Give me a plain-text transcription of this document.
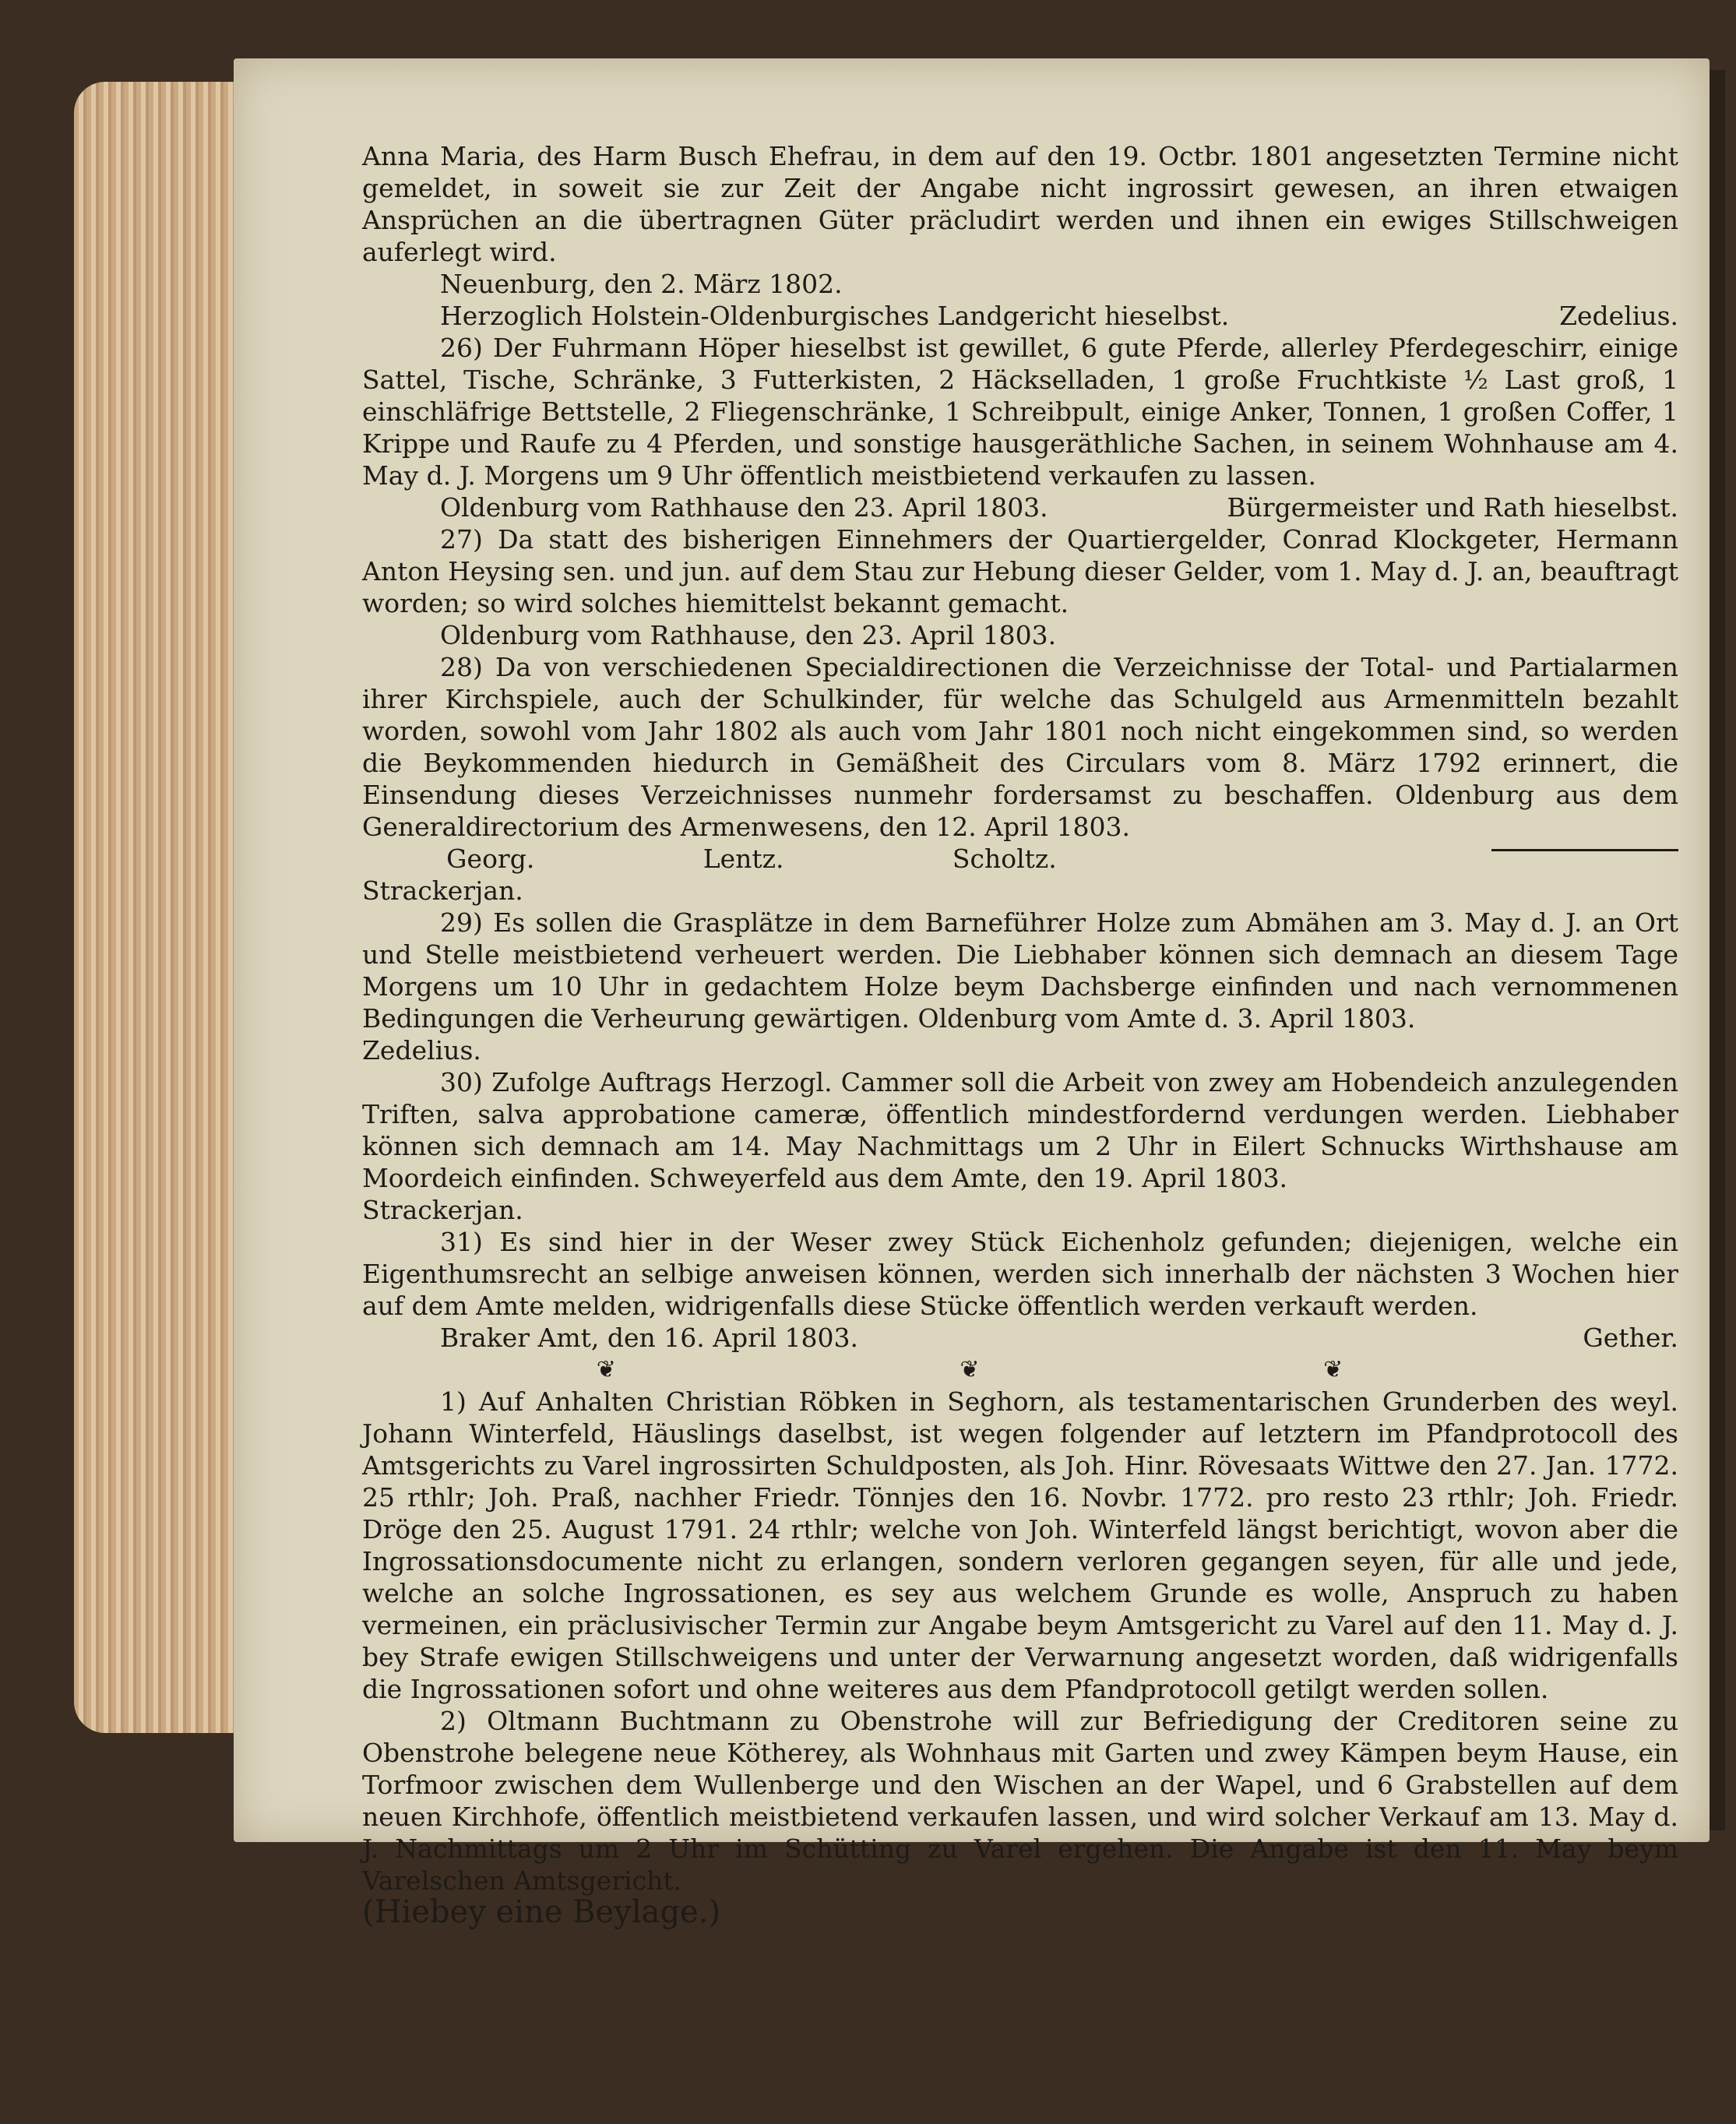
Anna Maria, des Harm Busch Ehefrau, in dem auf den 19. Octbr. 1801 angesetzten Termine nicht gemeldet, in soweit sie zur Zeit der Angabe nicht ingrossirt gewesen, an ihren etwaigen Ansprüchen an die übertragnen Güter präcludirt werden und ihnen ein ewiges Stillschweigen auferlegt wird.

Neuenburg, den 2. März 1802.

Herzoglich Holstein-Oldenburgisches Landgericht hieselbst.	Zedelius.

26) Der Fuhrmann Höper hieselbst ist gewillet, 6 gute Pferde, allerley Pferdegeschirr, einige Sattel, Tische, Schränke, 3 Futterkisten, 2 Häckselladen, 1 große Fruchtkiste ½ Last groß, 1 einschläfrige Bettstelle, 2 Fliegenschränke, 1 Schreibpult, einige Anker, Tonnen, 1 großen Coffer, 1 Krippe und Raufe zu 4 Pferden, und sonstige hausgeräthliche Sachen, in seinem Wohnhause am 4. May d. J. Morgens um 9 Uhr öffentlich meistbietend verkaufen zu lassen.

Oldenburg vom Rathhause den 23. April 1803.	Bürgermeister und Rath hieselbst.

27) Da statt des bisherigen Einnehmers der Quartiergelder, Conrad Klockgeter, Hermann Anton Heysing sen. und jun. auf dem Stau zur Hebung dieser Gelder, vom 1. May d. J. an, beauftragt worden; so wird solches hiemittelst bekannt gemacht.

Oldenburg vom Rathhause, den 23. April 1803.

28) Da von verschiedenen Specialdirectionen die Verzeichnisse der Total- und Partialarmen ihrer Kirchspiele, auch der Schulkinder, für welche das Schulgeld aus Armenmitteln bezahlt worden, sowohl vom Jahr 1802 als auch vom Jahr 1801 noch nicht eingekommen sind, so werden die Beykommenden hiedurch in Gemäßheit des Circulars vom 8. März 1792 erinnert, die Einsendung dieses Verzeichnisses nunmehr fordersamst zu beschaffen. Oldenburg aus dem Generaldirectorium des Armenwesens, den 12. April 1803.

Georg.	Lentz.	Scholtz.

Strackerjan.

29) Es sollen die Grasplätze in dem Barneführer Holze zum Abmähen am 3. May d. J. an Ort und Stelle meistbietend verheuert werden. Die Liebhaber können sich demnach an diesem Tage Morgens um 10 Uhr in gedachtem Holze beym Dachsberge einfinden und nach vernommenen Bedingungen die Verheurung gewärtigen. Oldenburg vom Amte d. 3. April 1803.

Zedelius.

30) Zufolge Auftrags Herzogl. Cammer soll die Arbeit von zwey am Hobendeich anzulegenden Triften, salva approbatione cameræ, öffentlich mindestfordernd verdungen werden. Liebhaber können sich demnach am 14. May Nachmittags um 2 Uhr in Eilert Schnucks Wirthshause am Moordeich einfinden. Schweyerfeld aus dem Amte, den 19. April 1803.

Strackerjan.

31) Es sind hier in der Weser zwey Stück Eichenholz gefunden; diejenigen, welche ein Eigenthumsrecht an selbige anweisen können, werden sich innerhalb der nächsten 3 Wochen hier auf dem Amte melden, widrigenfalls diese Stücke öffentlich werden verkauft werden.

Braker Amt, den 16. April 1803.	Gether.
❦	❦	❦

1) Auf Anhalten Christian Röbken in Seghorn, als testamentarischen Grunderben des weyl. Johann Winterfeld, Häuslings daselbst, ist wegen folgender auf letztern im Pfandprotocoll des Amtsgerichts zu Varel ingrossirten Schuldposten, als Joh. Hinr. Rövesaats Wittwe den 27. Jan. 1772. 25 rthlr; Joh. Praß, nachher Friedr. Tönnjes den 16. Novbr. 1772. pro resto 23 rthlr; Joh. Friedr. Dröge den 25. August 1791. 24 rthlr; welche von Joh. Winterfeld längst berichtigt, wovon aber die Ingrossationsdocumente nicht zu erlangen, sondern verloren gegangen seyen, für alle und jede, welche an solche Ingrossationen, es sey aus welchem Grunde es wolle, Anspruch zu haben vermeinen, ein präclusivischer Termin zur Angabe beym Amtsgericht zu Varel auf den 11. May d. J. bey Strafe ewigen Stillschweigens und unter der Verwarnung angesetzt worden, daß widrigenfalls die Ingrossationen sofort und ohne weiteres aus dem Pfandprotocoll getilgt werden sollen.

2) Oltmann Buchtmann zu Obenstrohe will zur Befriedigung der Creditoren seine zu Obenstrohe belegene neue Kötherey, als Wohnhaus mit Garten und zwey Kämpen beym Hause, ein Torfmoor zwischen dem Wullenberge und den Wischen an der Wapel, und 6 Grabstellen auf dem neuen Kirchhofe, öffentlich meistbietend verkaufen lassen, und wird solcher Verkauf am 13. May d. J. Nachmittags um 2 Uhr im Schütting zu Varel ergehen. Die Angabe ist den 11. May beym Varelschen Amtsgericht.

(Hiebey eine Beylage.)
